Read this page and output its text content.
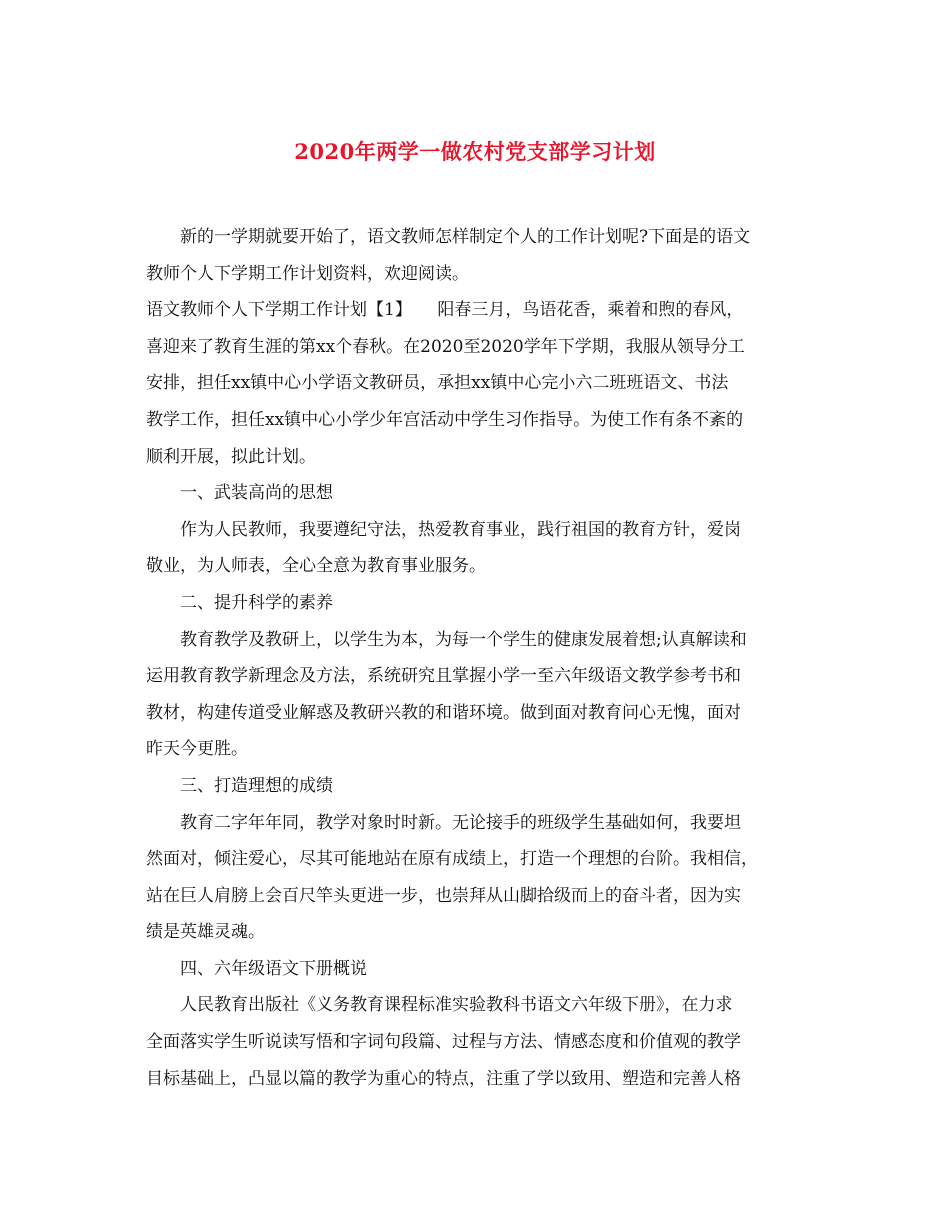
2020年两学一做农村党支部学习计划
新的一学期就要开始了，语文教师怎样制定个人的工作计划呢?下面是的语文
教师个人下学期工作计划资料，欢迎阅读。
语文教师个人下学期工作计划【1】　　阳春三月，鸟语花香，乘着和煦的春风，
喜迎来了教育生涯的第xx个春秋。在2020至2020学年下学期，我服从领导分工
安排，担任xx镇中心小学语文教研员，承担xx镇中心完小六二班班语文、书法
教学工作，担任xx镇中心小学少年宫活动中学生习作指导。为使工作有条不紊的
顺利开展，拟此计划。
一、武装高尚的思想
作为人民教师，我要遵纪守法，热爱教育事业，践行祖国的教育方针，爱岗
敬业，为人师表，全心全意为教育事业服务。
二、提升科学的素养
教育教学及教研上，以学生为本，为每一个学生的健康发展着想;认真解读和
运用教育教学新理念及方法，系统研究且掌握小学一至六年级语文教学参考书和
教材，构建传道受业解惑及教研兴教的和谐环境。做到面对教育问心无愧，面对
昨天今更胜。
三、打造理想的成绩
教育二字年年同，教学对象时时新。无论接手的班级学生基础如何，我要坦
然面对，倾注爱心，尽其可能地站在原有成绩上，打造一个理想的台阶。我相信，
站在巨人肩膀上会百尺竿头更进一步，也崇拜从山脚拾级而上的奋斗者，因为实
绩是英雄灵魂。
四、六年级语文下册概说
人民教育出版社《义务教育课程标准实验教科书语文六年级下册》，在力求
全面落实学生听说读写悟和字词句段篇、过程与方法、情感态度和价值观的教学
目标基础上，凸显以篇的教学为重心的特点，注重了学以致用、塑造和完善人格
